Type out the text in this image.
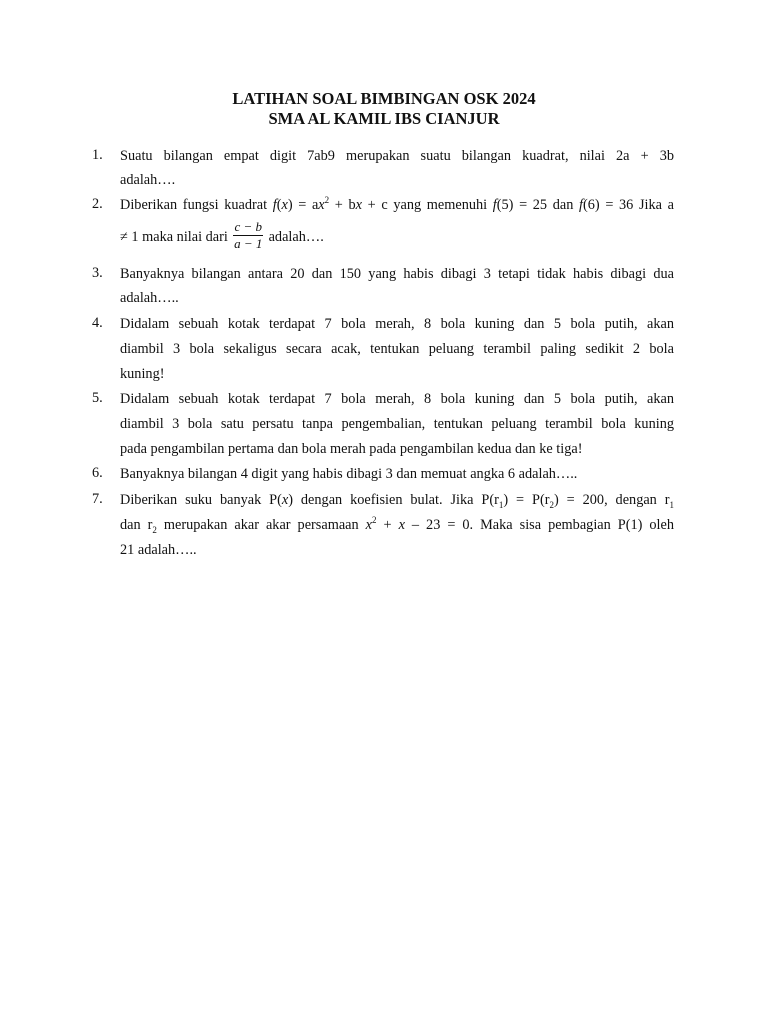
LATIHAN SOAL BIMBINGAN OSK 2024
SMA AL KAMIL IBS CIANJUR
1.	Suatu bilangan empat digit 7ab9 merupakan suatu bilangan kuadrat, nilai 2a + 3b
adalah….
2.	Diberikan fungsi kuadrat $f(x) = ax^2$ + bx + c yang memenuhi f(5) = 25 dan f(6) = 36 Jika a
≠ 1 maka nilai dari $\frac{c - b}{a - 1}$ adalah….
3.	Banyaknya bilangan antara 20 dan 150 yang habis dibagi 3 tetapi tidak habis dibagi dua
adalah…..
4.	Didalam sebuah kotak terdapat 7 bola merah, 8 bola kuning dan 5 bola putih, akan
diambil 3 bola sekaligus secara acak, tentukan peluang terambil paling sedikit 2 bola
kuning!
5.	Didalam sebuah kotak terdapat 7 bola merah, 8 bola kuning dan 5 bola putih, akan
diambil 3 bola satu persatu tanpa pengembalian, tentukan peluang terambil bola kuning
pada pengambilan pertama dan bola merah pada pengambilan kedua dan ke tiga!
6.	Banyaknya bilangan 4 digit yang habis dibagi 3 dan memuat angka 6 adalah…..
7.	Diberikan suku banyak P(x) dengan koefisien bulat. Jika $P(r_1) = P(r_2) = 200$, dengan $r_1$
dan $r_2$ merupakan akar akar persamaan $x^2 + x - 23 = 0$. Maka sisa pembagian P(1) oleh
21 adalah…..
